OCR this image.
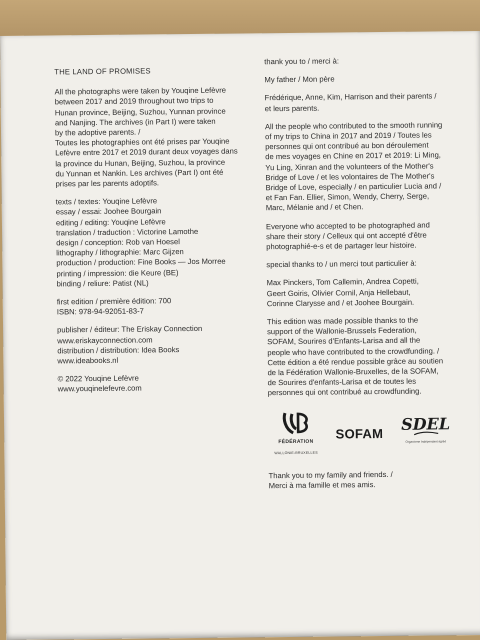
THE LAND OF PROMISES

All the photographs were taken by Youqine Lefèvre
between 2017 and 2019 throughout two trips to
Hunan province, Beijing, Suzhou, Yunnan province
and Nanjing. The archives (in Part I) were taken
by the adoptive parents. /
Toutes les photographies ont été prises par Youqine
Lefèvre entre 2017 et 2019 durant deux voyages dans
la province du Hunan, Beijing, Suzhou, la province
du Yunnan et Nankin. Les archives (Part I) ont été
prises par les parents adoptifs.

texts / textes: Youqine Lefèvre
essay / essai: Joohee Bourgain
editing / editing: Youqine Lefèvre
translation / traduction : Victorine Lamothe
design / conception: Rob van Hoesel
lithography / lithographie: Marc Gijzen
production / production: Fine Books — Jos Morree
printing / impression: die Keure (BE)
binding / reliure: Patist (NL)

first edition / première édition: 700
ISBN: 978-94-92051-83-7

publisher / éditeur: The Eriskay Connection
www.eriskayconnection.com
distribution / distribution: Idea Books
www.ideabooks.nl

© 2022 Youqine Lefèvre
www.youqinelefevre.com

thank you to / merci à:

My father / Mon père

Frédérique, Anne, Kim, Harrison and their parents /
et leurs parents.

All the people who contributed to the smooth running
of my trips to China in 2017 and 2019 / Toutes les
personnes qui ont contribué au bon déroulement
de mes voyages en Chine en 2017 et 2019: Li Ming,
Yu Ling, Xinran and the volunteers of the Mother's
Bridge of Love / et les volontaires de The Mother's
Bridge of Love, especially / en particulier Lucia and /
et Fan Fan. Ellier, Simon, Wendy, Cherry, Serge,
Marc, Mélanie and / et Chen.

Everyone who accepted to be photographed and
share their story / Celleux qui ont accepté d'être
photographié-e-s et de partager leur histoire.

special thanks to / un merci tout particulier à:

Max Pinckers, Tom Callemin, Andrea Copetti,
Geert Goiris, Olivier Cornil, Anja Hellebaut,
Corinne Clarysse and / et Joohee Bourgain.

This edition was made possible thanks to the
support of the Wallonie-Brussels Federation,
SOFAM, Sourires d'Enfants-Larisa and all the
people who have contributed to the crowdfunding. /
Cette édition a été rendue possible grâce au soutien
de la Fédération Wallonie-Bruxelles, de la SOFAM,
de Sourires d'enfants-Larisa et de toutes les
personnes qui ont contribué au crowdfunding.

FÉDÉRATION
WALLONIE-BRUXELLES
SOFAM SDEL
Organisme Indépendant agréé

Thank you to my family and friends. /
Merci à ma famille et mes amis.
